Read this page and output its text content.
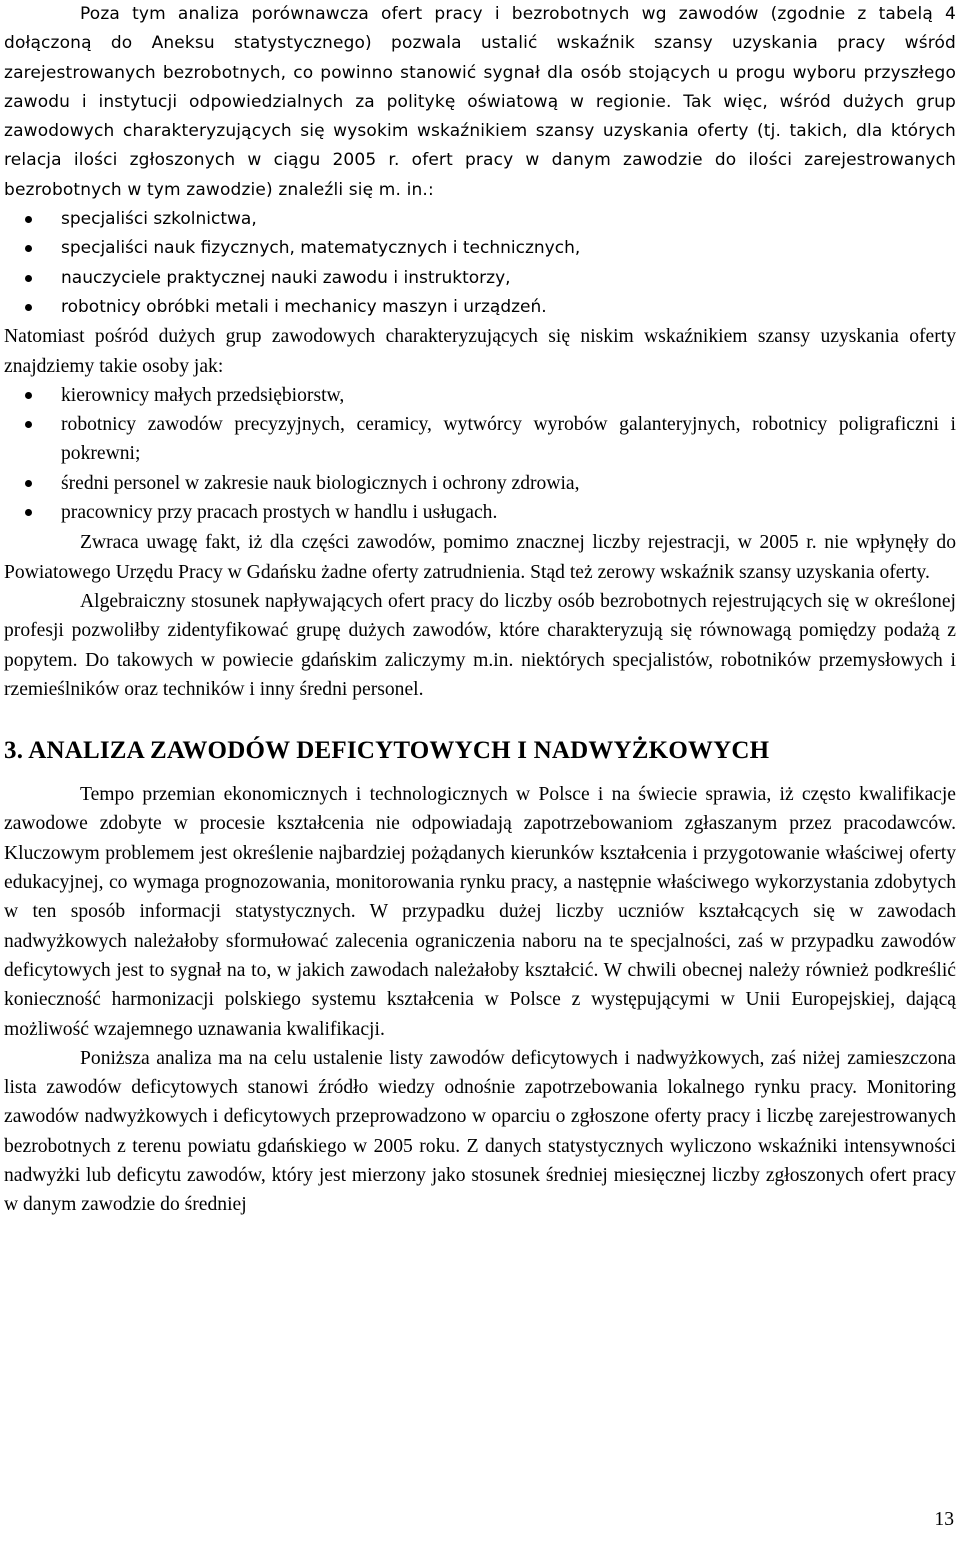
Poza tym analiza porównawcza ofert pracy i bezrobotnych wg zawodów (zgodnie z tabelą 4 dołączoną do Aneksu statystycznego) pozwala ustalić wskaźnik szansy uzyskania pracy wśród zarejestrowanych bezrobotnych, co powinno stanowić sygnał dla osób stojących u progu wyboru przyszłego zawodu i instytucji odpowiedzialnych za politykę oświatową w regionie. Tak więc, wśród dużych grup zawodowych charakteryzujących się wysokim wskaźnikiem szansy uzyskania oferty (tj. takich, dla których relacja ilości zgłoszonych w ciągu 2005 r. ofert pracy w danym zawodzie do ilości zarejestrowanych bezrobotnych w tym zawodzie) znaleźli się m. in.:

specjaliści szkolnictwa,
specjaliści nauk fizycznych, matematycznych i technicznych,
nauczyciele praktycznej nauki zawodu i instruktorzy,
robotnicy obróbki metali i mechanicy maszyn i urządzeń.

Natomiast pośród dużych grup zawodowych charakteryzujących się niskim wskaźnikiem szansy uzyskania oferty znajdziemy takie osoby jak:

kierownicy małych przedsiębiorstw,
robotnicy zawodów precyzyjnych, ceramicy, wytwórcy wyrobów galanteryjnych, robotnicy poligraficzni i pokrewni;
średni personel w zakresie nauk biologicznych i ochrony zdrowia,
pracownicy przy pracach prostych w handlu i usługach.

Zwraca uwagę fakt, iż dla części zawodów, pomimo znacznej liczby rejestracji, w 2005 r. nie wpłynęły do Powiatowego Urzędu Pracy w Gdańsku żadne oferty zatrudnienia. Stąd też zerowy wskaźnik szansy uzyskania oferty.

Algebraiczny stosunek napływających ofert pracy do liczby osób bezrobotnych rejestrujących się w określonej profesji pozwoliłby zidentyfikować grupę dużych zawodów, które charakteryzują się równowagą pomiędzy podażą z popytem. Do takowych w powiecie gdańskim zaliczymy m.in. niektórych specjalistów, robotników przemysłowych i rzemieślników oraz techników i inny średni personel.

3. ANALIZA ZAWODÓW DEFICYTOWYCH I NADWYŻKOWYCH

Tempo przemian ekonomicznych i technologicznych w Polsce i na świecie sprawia, iż często kwalifikacje zawodowe zdobyte w procesie kształcenia nie odpowiadają zapotrzebowaniom zgłaszanym przez pracodawców. Kluczowym problemem jest określenie najbardziej pożądanych kierunków kształcenia i przygotowanie właściwej oferty edukacyjnej, co wymaga prognozowania, monitorowania rynku pracy, a następnie właściwego wykorzystania zdobytych w ten sposób informacji statystycznych. W przypadku dużej liczby uczniów kształcących się w zawodach nadwyżkowych należałoby sformułować zalecenia ograniczenia naboru na te specjalności, zaś w przypadku zawodów deficytowych jest to sygnał na to, w jakich zawodach należałoby kształcić. W chwili obecnej należy również podkreślić konieczność harmonizacji polskiego systemu kształcenia w Polsce z występującymi w Unii Europejskiej, dającą możliwość wzajemnego uznawania kwalifikacji.

Poniższa analiza ma na celu ustalenie listy zawodów deficytowych i nadwyżkowych, zaś niżej zamieszczona lista zawodów deficytowych stanowi źródło wiedzy odnośnie zapotrzebowania lokalnego rynku pracy. Monitoring zawodów nadwyżkowych i deficytowych przeprowadzono w oparciu o zgłoszone oferty pracy i liczbę zarejestrowanych bezrobotnych z terenu powiatu gdańskiego w 2005 roku. Z danych statystycznych wyliczono wskaźniki intensywności nadwyżki lub deficytu zawodów, który jest mierzony jako stosunek średniej miesięcznej liczby zgłoszonych ofert pracy w danym zawodzie do średniej

13
